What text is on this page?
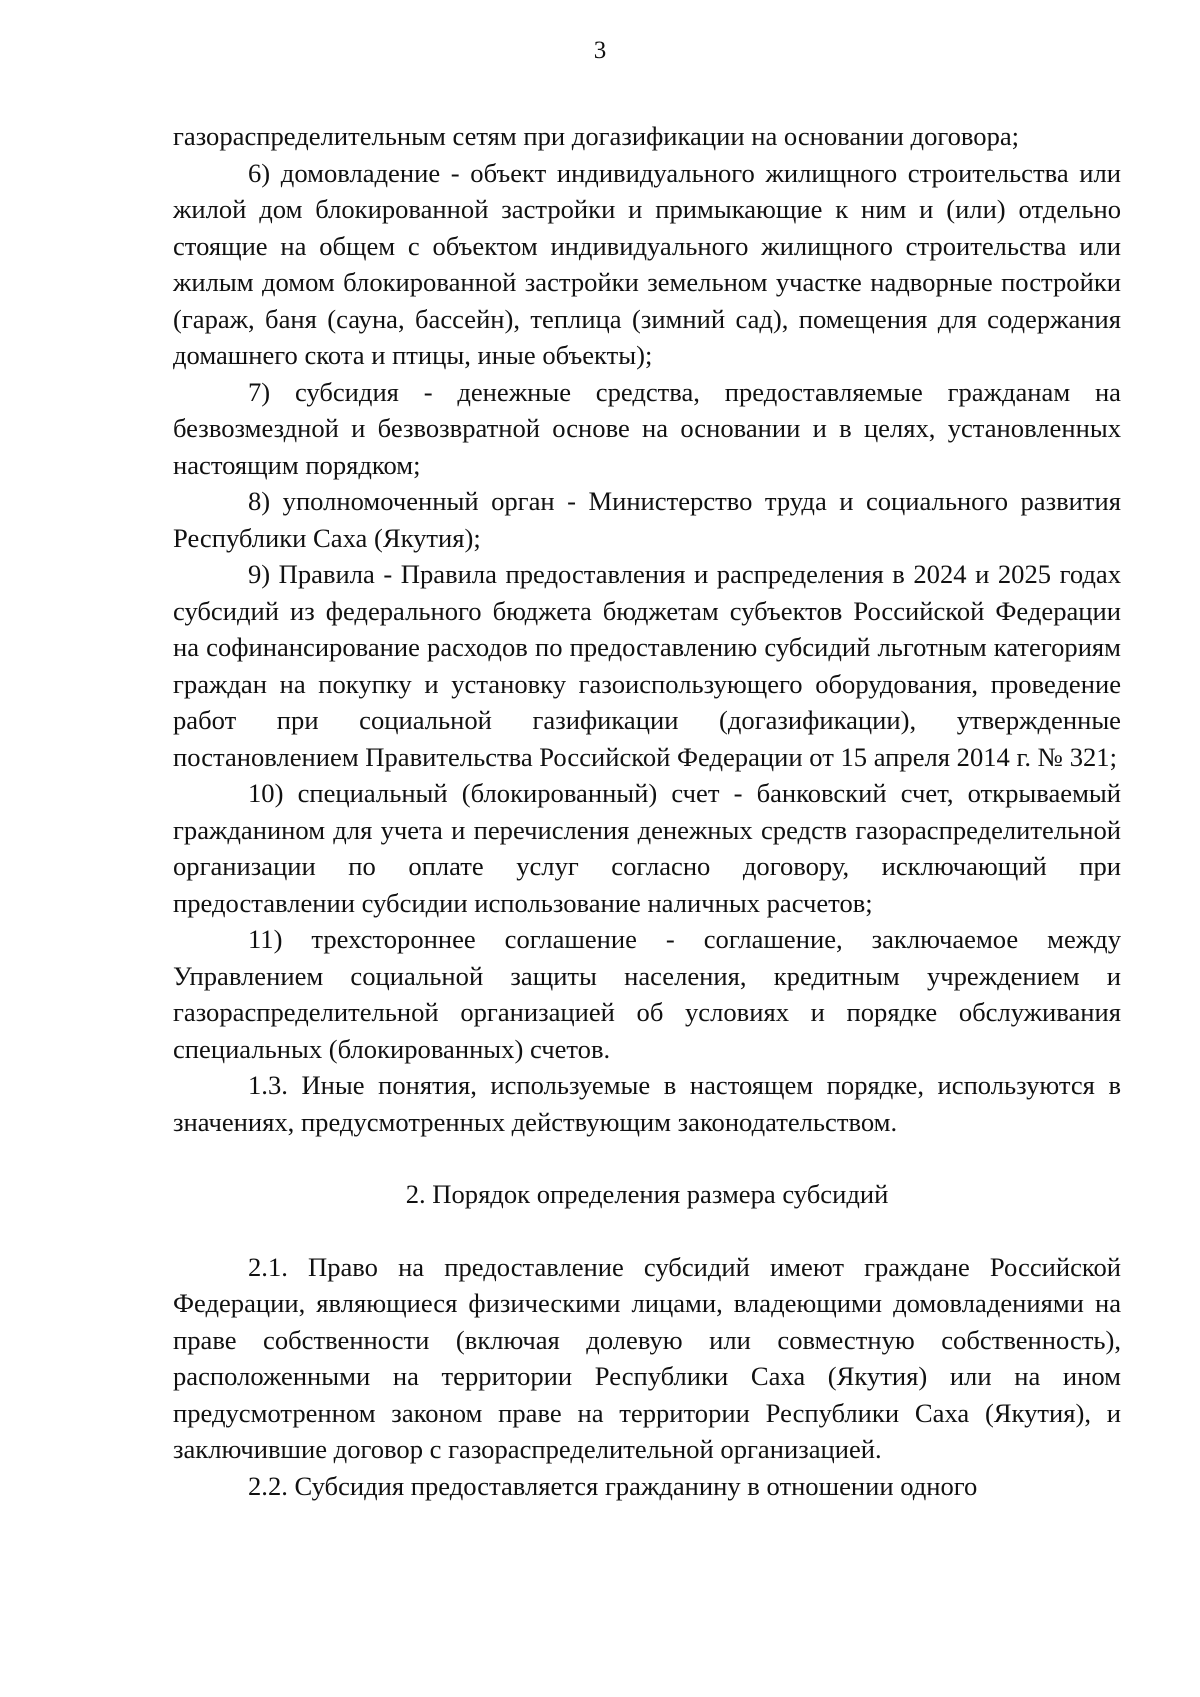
3

газораспределительным сетям при догазификации на основании договора;

6) домовладение - объект индивидуального жилищного строительства или жилой дом блокированной застройки и примыкающие к ним и (или) отдельно стоящие на общем с объектом индивидуального жилищного строительства или жилым домом блокированной застройки земельном участке надворные постройки (гараж, баня (сауна, бассейн), теплица (зимний сад), помещения для содержания домашнего скота и птицы, иные объекты);

7) субсидия - денежные средства, предоставляемые гражданам на безвозмездной и безвозвратной основе на основании и в целях, установленных настоящим порядком;

8) уполномоченный орган - Министерство труда и социального развития Республики Саха (Якутия);

9) Правила - Правила предоставления и распределения в 2024 и 2025 годах субсидий из федерального бюджета бюджетам субъектов Российской Федерации на софинансирование расходов по предоставлению субсидий льготным категориям граждан на покупку и установку газоиспользующего оборудования, проведение работ при социальной газификации (догазификации), утвержденные постановлением Правительства Российской Федерации от 15 апреля 2014 г. № 321;

10) специальный (блокированный) счет - банковский счет, открываемый гражданином для учета и перечисления денежных средств газораспределительной организации по оплате услуг согласно договору, исключающий при предоставлении субсидии использование наличных расчетов;

11) трехстороннее соглашение - соглашение, заключаемое между Управлением социальной защиты населения, кредитным учреждением и газораспределительной организацией об условиях и порядке обслуживания специальных (блокированных) счетов.

1.3. Иные понятия, используемые в настоящем порядке, используются в значениях, предусмотренных действующим законодательством.

2. Порядок определения размера субсидий

2.1. Право на предоставление субсидий имеют граждане Российской Федерации, являющиеся физическими лицами, владеющими домовладениями на праве собственности (включая долевую или совместную собственность), расположенными на территории Республики Саха (Якутия) или на ином предусмотренном законом праве на территории Республики Саха (Якутия), и заключившие договор с газораспределительной организацией.

2.2. Субсидия предоставляется гражданину в отношении одного
